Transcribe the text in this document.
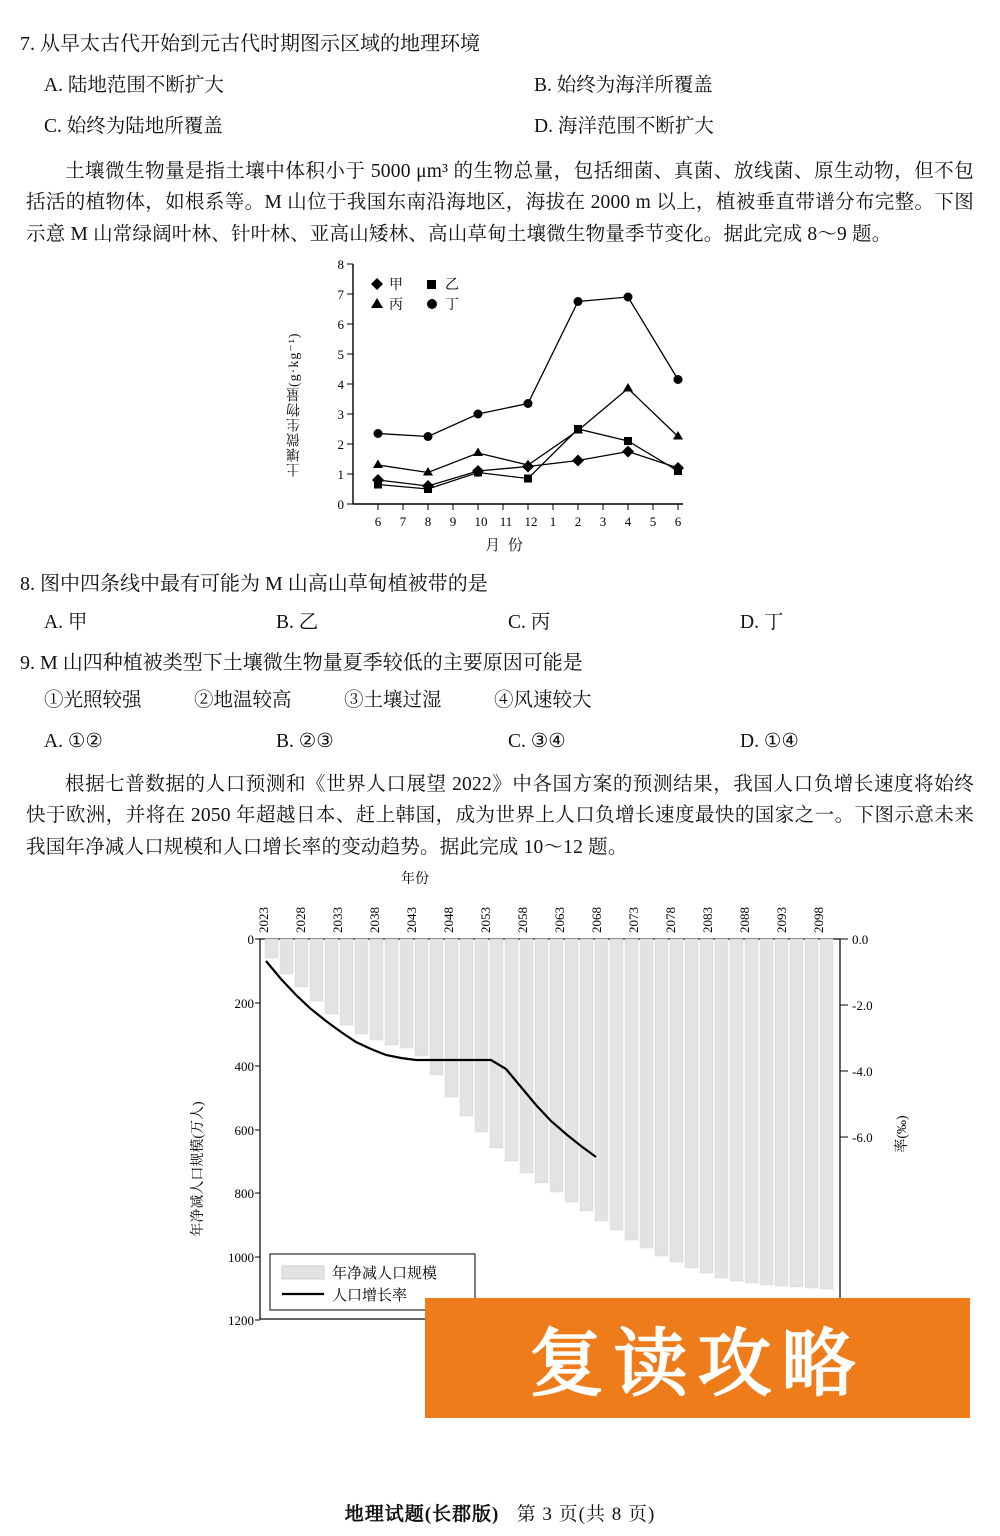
7. 从早太古代开始到元古代时期图示区域的地理环境
A. 陆地范围不断扩大	B. 始终为海洋所覆盖
C. 始终为陆地所覆盖	D. 海洋范围不断扩大
土壤微生物量是指土壤中体积小于 5000 μm³ 的生物总量，包括细菌、真菌、放线菌、原生动物，但不包括活的植物体，如根系等。M 山位于我国东南沿海地区，海拔在 2000 m 以上，植被垂直带谱分布完整。下图示意 M 山常绿阔叶林、针叶林、亚高山矮林、高山草甸土壤微生物量季节变化。据此完成 8～9 题。
土壤微生物量(g·kg⁻¹)
0
1
2
3
4
5
6
7
8
6 7 8 9 10 11 12 1 2 3 4 5 6
甲	乙
丙	丁
月 份
8. 图中四条线中最有可能为 M 山高山草甸植被带的是
A. 甲	B. 乙	C. 丙	D. 丁
9. M 山四种植被类型下土壤微生物量夏季较低的主要原因可能是
①光照较强	②地温较高	③土壤过湿	④风速较大
A. ①②	B. ②③	C. ③④	D. ①④
根据七普数据的人口预测和《世界人口展望 2022》中各国方案的预测结果，我国人口负增长速度将始终快于欧洲，并将在 2050 年超越日本、赶上韩国，成为世界上人口负增长速度最快的国家之一。下图示意未来我国年净减人口规模和人口增长率的变动趋势。据此完成 10～12 题。
年份
2023 2028 2033 2038 2043 2048 2053 2058 2063 2068 2073 2078 2083 2088 2093 2098
年净减人口规模(万人)
0
200
400
600
800
1000
1200
0.0
-2.0
-4.0
-6.0 率(‰)
年净减人口规模
人口增长率
复读攻略
地理试题(长郡版) 第 3 页(共 8 页)
